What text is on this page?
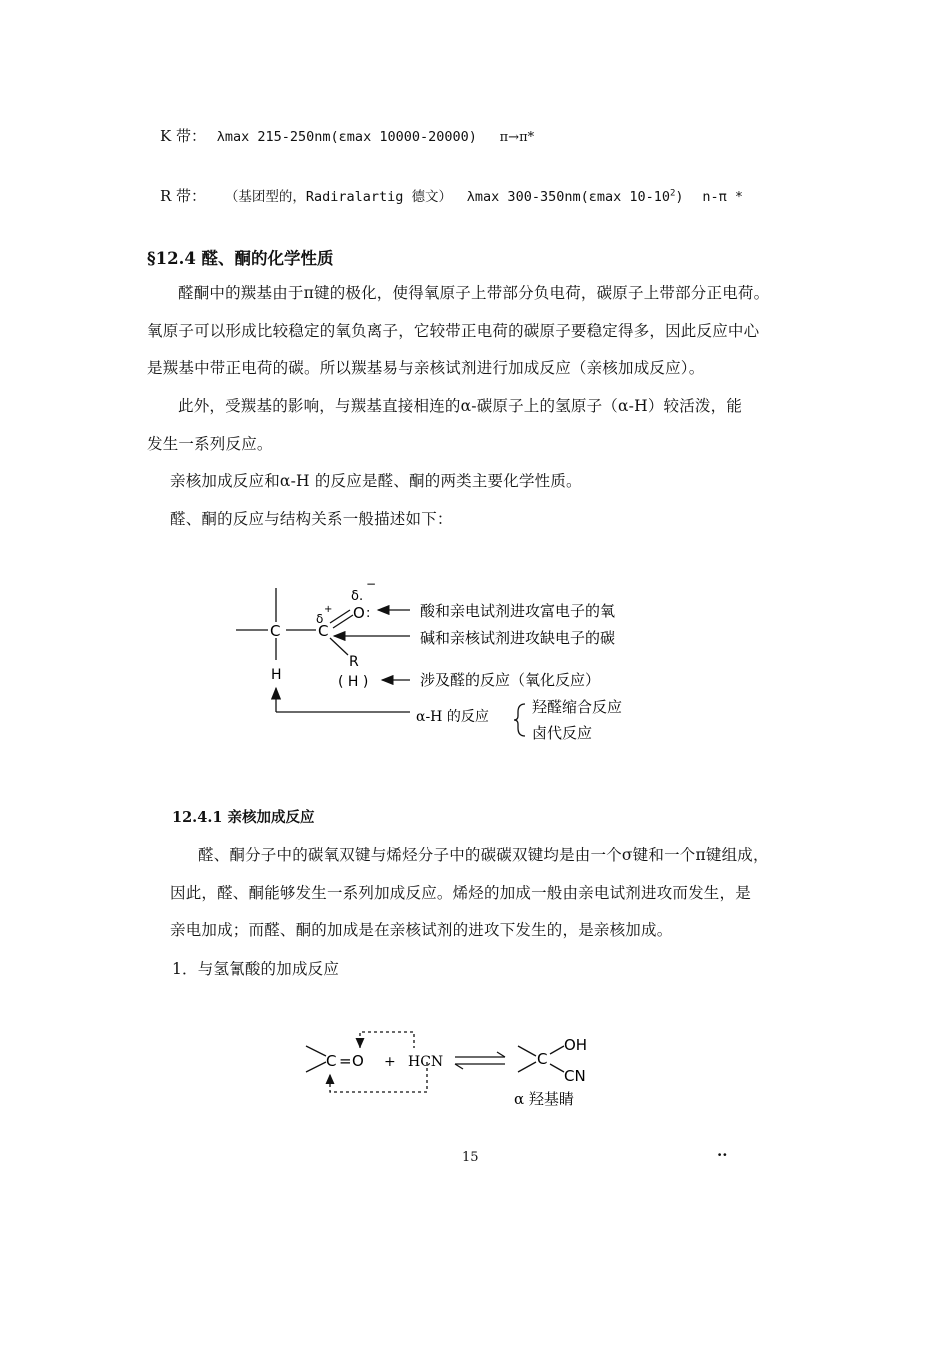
K 带： λmax 215-250nm(εmax 10000-20000) π→π*
R 带： （基团型的，Radiralartig 德文） λmax 300-350nm(εmax $10-10^2$) n-π *
§12.4 醛、酮的化学性质
醛酮中的羰基由于π键的极化，使得氧原子上带部分负电荷，碳原子上带部分正电荷。
氧原子可以形成比较稳定的氧负离子，它较带正电荷的碳原子要稳定得多，因此反应中心
是羰基中带正电荷的碳。所以羰基易与亲核试剂进行加成反应（亲核加成反应）。
此外，受羰基的影响，与羰基直接相连的α-碳原子上的氢原子（α-H）较活泼，能
发生一系列反应。
亲核加成反应和α-H 的反应是醛、酮的两类主要化学性质。
醛、酮的反应与结构关系一般描述如下：
C	C
O :
R
H	( H )
δ.
−
δ
+	酸和亲电试剂进攻富电子的氧
碱和亲核试剂进攻缺电子的碳
涉及醛的反应（氧化反应）
α-H 的反应
羟醛缩合反应
卤代反应
12.4.1 亲核加成反应
醛、酮分子中的碳氧双键与烯烃分子中的碳碳双键均是由一个σ键和一个π键组成，
因此，醛、酮能够发生一系列加成反应。烯烃的加成一般由亲电试剂进攻而发生，是
亲电加成；而醛、酮的加成是在亲核试剂的进攻下发生的，是亲核加成。
1．与氢氰酸的加成反应
C = O + HCN	C
OH
CN
α 羟基睛
15	··
